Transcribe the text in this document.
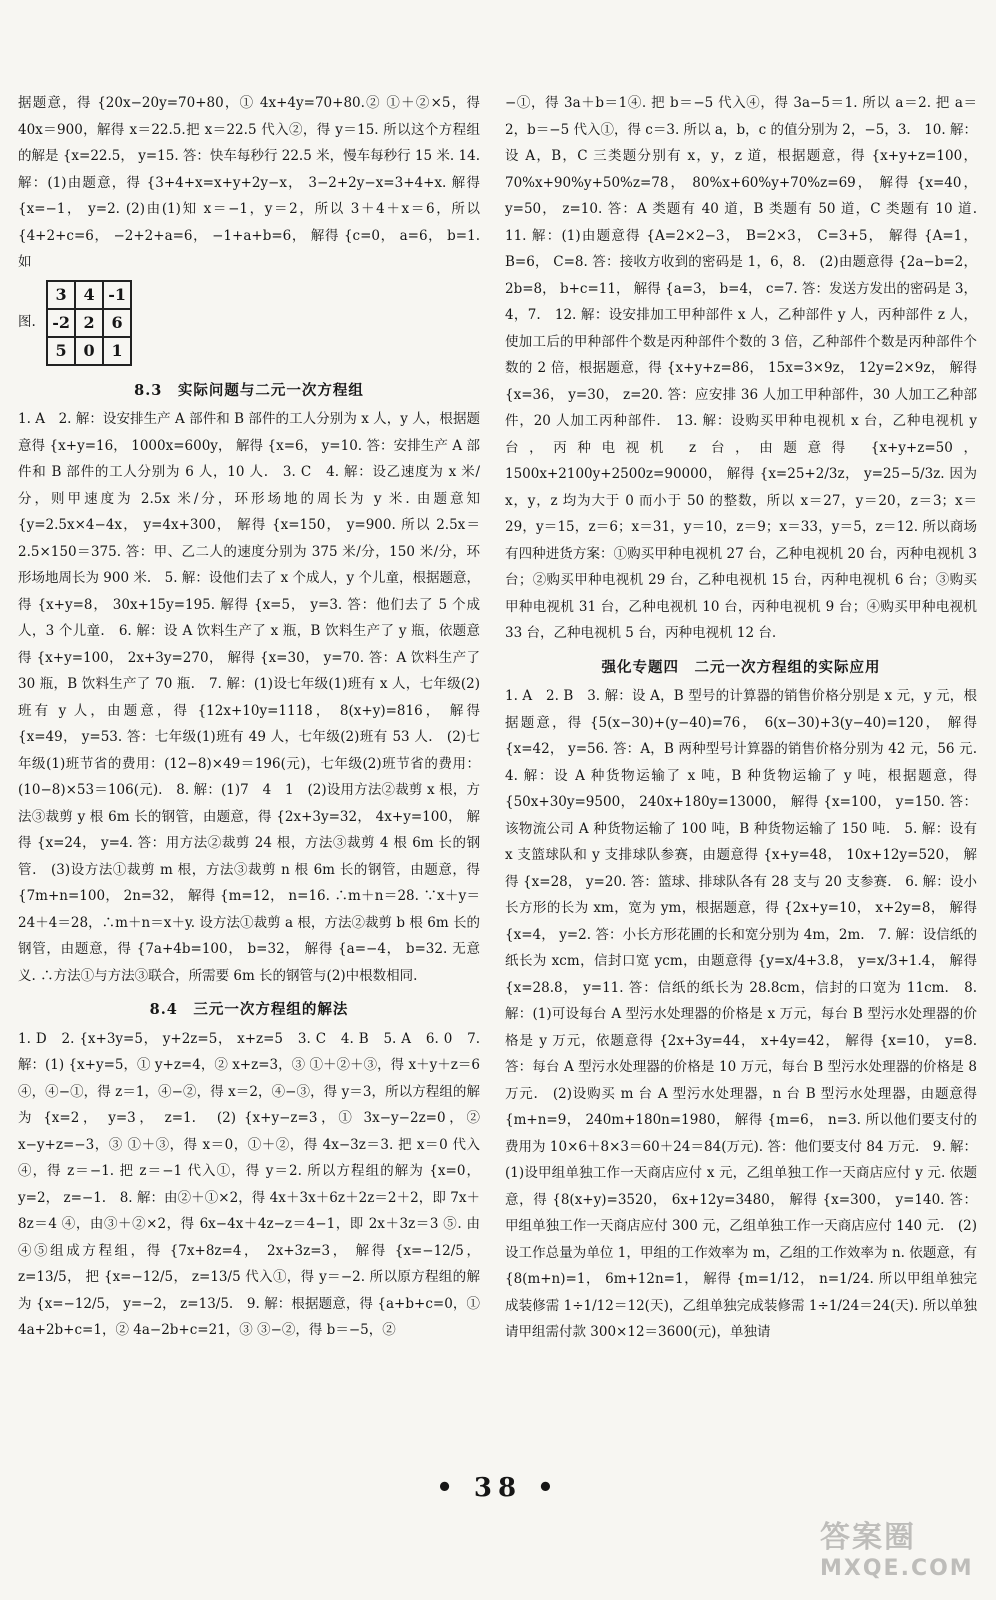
据题意，得 {20x−20y=70+80，① 4x+4y=70+80.② ①＋②×5，得 40x＝900，解得 x＝22.5.把 x＝22.5 代入②，得 y＝15. 所以这个方程组的解是 {x=22.5， y=15. 答：快车每秒行 22.5 米，慢车每秒行 15 米. 14. 解：(1)由题意，得 {3+4+x=x+y+2y−x， 3−2+2y−x=3+4+x. 解得 {x=−1， y=2. (2)由(1)知 x＝−1，y＝2，所以 3＋4＋x＝6，所以 {4+2+c=6， −2+2+a=6， −1+a+b=6， 解得 {c=0， a=6， b=1. 如

图. 3	4	-1
-2	2	6
5	0	1
8.3　实际问题与二元一次方程组

1. A　2. 解：设安排生产 A 部件和 B 部件的工人分别为 x 人，y 人，根据题意得 {x+y=16， 1000x=600y， 解得 {x=6， y=10. 答：安排生产 A 部件和 B 部件的工人分别为 6 人，10 人.　3. C　4. 解：设乙速度为 x 米/分，则甲速度为 2.5x 米/分，环形场地的周长为 y 米. 由题意知 {y=2.5x×4−4x， y=4x+300， 解得 {x=150， y=900. 所以 2.5x＝2.5×150＝375. 答：甲、乙二人的速度分别为 375 米/分，150 米/分，环形场地周长为 900 米.　5. 解：设他们去了 x 个成人，y 个儿童，根据题意，得 {x+y=8， 30x+15y=195. 解得 {x=5， y=3. 答：他们去了 5 个成人，3 个儿童.　6. 解：设 A 饮料生产了 x 瓶，B 饮料生产了 y 瓶，依题意得 {x+y=100， 2x+3y=270， 解得 {x=30， y=70. 答：A 饮料生产了 30 瓶，B 饮料生产了 70 瓶.　7. 解：(1)设七年级(1)班有 x 人，七年级(2)班有 y 人，由题意，得 {12x+10y=1118， 8(x+y)=816， 解得 {x=49， y=53. 答：七年级(1)班有 49 人，七年级(2)班有 53 人.　(2)七年级(1)班节省的费用：(12−8)×49＝196(元)，七年级(2)班节省的费用：(10−8)×53＝106(元).　8. 解：(1)7　4　1　(2)设用方法②裁剪 x 根，方法③裁剪 y 根 6m 长的钢管，由题意，得 {2x+3y=32， 4x+y=100， 解得 {x=24， y=4. 答：用方法②裁剪 24 根，方法③裁剪 4 根 6m 长的钢管.　(3)设方法①裁剪 m 根，方法③裁剪 n 根 6m 长的钢管，由题意，得 {7m+n=100， 2n=32， 解得 {m=12， n=16. ∴m＋n＝28. ∵x＋y＝24＋4＝28，∴m＋n＝x＋y. 设方法①裁剪 a 根，方法②裁剪 b 根 6m 长的钢管，由题意，得 {7a+4b=100， b=32， 解得 {a=−4， b=32. 无意义. ∴方法①与方法③联合，所需要 6m 长的钢管与(2)中根数相同.

8.4　三元一次方程组的解法

1. D　2. {x+3y=5， y+2z=5， x+z=5　3. C　4. B　5. A　6. 0　7. 解：(1) {x+y=5，① y+z=4，② x+z=3，③ ①＋②＋③，得 x＋y＋z＝6 ④，④−①，得 z＝1，④−②，得 x＝2，④−③，得 y＝3，所以方程组的解为 {x=2， y=3， z=1.　(2) {x+y−z=3，① 3x−y−2z=0，② x−y+z=−3，③ ①＋③，得 x＝0，①＋②，得 4x−3z＝3. 把 x＝0 代入④，得 z＝−1. 把 z＝−1 代入①，得 y＝2. 所以方程组的解为 {x=0， y=2， z=−1.　8. 解：由②＋①×2，得 4x＋3x＋6z＋2z＝2＋2，即 7x＋8z＝4 ④，由③＋②×2，得 6x−4x＋4z−z＝4−1，即 2x＋3z＝3 ⑤. 由④⑤组成方程组，得 {7x+8z=4， 2x+3z=3， 解得 {x=−12/5， z=13/5， 把 {x=−12/5， z=13/5 代入①，得 y＝−2. 所以原方程组的解为 {x=−12/5， y=−2， z=13/5.　9. 解：根据题意，得 {a+b+c=0，① 4a+2b+c=1，② 4a−2b+c=21，③ ③−②，得 b＝−5，②

−①，得 3a＋b＝1④. 把 b＝−5 代入④，得 3a−5＝1. 所以 a＝2. 把 a＝2，b＝−5 代入①，得 c＝3. 所以 a，b，c 的值分别为 2，−5，3.　10. 解：设 A，B，C 三类题分别有 x，y，z 道，根据题意，得 {x+y+z=100， 70%x+90%y+50%z=78， 80%x+60%y+70%z=69， 解得 {x=40， y=50， z=10. 答：A 类题有 40 道，B 类题有 50 道，C 类题有 10 道.　11. 解：(1)由题意得 {A=2×2−3， B=2×3， C=3+5， 解得 {A=1， B=6， C=8. 答：接收方收到的密码是 1，6，8.　(2)由题意得 {2a−b=2， 2b=8， b+c=11， 解得 {a=3， b=4， c=7. 答：发送方发出的密码是 3，4，7.　12. 解：设安排加工甲种部件 x 人，乙种部件 y 人，丙种部件 z 人，使加工后的甲种部件个数是丙种部件个数的 3 倍，乙种部件个数是丙种部件个数的 2 倍，根据题意，得 {x+y+z=86， 15x=3×9z， 12y=2×9z， 解得 {x=36， y=30， z=20. 答：应安排 36 人加工甲种部件，30 人加工乙种部件，20 人加工丙种部件.　13. 解：设购买甲种电视机 x 台，乙种电视机 y 台，丙种电视机 z 台，由题意得 {x+y+z=50， 1500x+2100y+2500z=90000， 解得 {x=25+2/3z， y=25−5/3z. 因为 x，y，z 均为大于 0 而小于 50 的整数，所以 x＝27，y＝20，z＝3；x＝29，y＝15，z＝6；x＝31，y＝10，z＝9；x＝33，y＝5，z＝12. 所以商场有四种进货方案：①购买甲种电视机 27 台，乙种电视机 20 台，丙种电视机 3 台；②购买甲种电视机 29 台，乙种电视机 15 台，丙种电视机 6 台；③购买甲种电视机 31 台，乙种电视机 10 台，丙种电视机 9 台；④购买甲种电视机 33 台，乙种电视机 5 台，丙种电视机 12 台.

强化专题四　二元一次方程组的实际应用

1. A　2. B　3. 解：设 A，B 型号的计算器的销售价格分别是 x 元，y 元，根据题意，得 {5(x−30)+(y−40)=76， 6(x−30)+3(y−40)=120， 解得 {x=42， y=56. 答：A，B 两种型号计算器的销售价格分别为 42 元，56 元.　4. 解：设 A 种货物运输了 x 吨，B 种货物运输了 y 吨，根据题意，得 {50x+30y=9500， 240x+180y=13000， 解得 {x=100， y=150. 答：该物流公司 A 种货物运输了 100 吨，B 种货物运输了 150 吨.　5. 解：设有 x 支篮球队和 y 支排球队参赛，由题意得 {x+y=48， 10x+12y=520， 解得 {x=28， y=20. 答：篮球、排球队各有 28 支与 20 支参赛.　6. 解：设小长方形的长为 xm，宽为 ym，根据题意，得 {2x+y=10， x+2y=8， 解得 {x=4， y=2. 答：小长方形花圃的长和宽分别为 4m，2m.　7. 解：设信纸的纸长为 xcm，信封口宽 ycm，由题意得 {y=x/4+3.8， y=x/3+1.4， 解得 {x=28.8， y=11. 答：信纸的纸长为 28.8cm，信封的口宽为 11cm.　8. 解：(1)可设每台 A 型污水处理器的价格是 x 万元，每台 B 型污水处理器的价格是 y 万元，依题意得 {2x+3y=44， x+4y=42， 解得 {x=10， y=8. 答：每台 A 型污水处理器的价格是 10 万元，每台 B 型污水处理器的价格是 8 万元.　(2)设购买 m 台 A 型污水处理器，n 台 B 型污水处理器，由题意得 {m+n=9， 240m+180n=1980， 解得 {m=6， n=3. 所以他们要支付的费用为 10×6＋8×3＝60＋24＝84(万元). 答：他们要支付 84 万元.　9. 解：(1)设甲组单独工作一天商店应付 x 元，乙组单独工作一天商店应付 y 元. 依题意，得 {8(x+y)=3520， 6x+12y=3480， 解得 {x=300， y=140. 答：甲组单独工作一天商店应付 300 元，乙组单独工作一天商店应付 140 元.　(2)设工作总量为单位 1，甲组的工作效率为 m，乙组的工作效率为 n. 依题意，有 {8(m+n)=1， 6m+12n=1， 解得 {m=1/12， n=1/24. 所以甲组单独完成装修需 1÷1/12＝12(天)，乙组单独完成装修需 1÷1/24＝24(天). 所以单独请甲组需付款 300×12＝3600(元)，单独请

• 38 •
答案圈
MXQE.COM
